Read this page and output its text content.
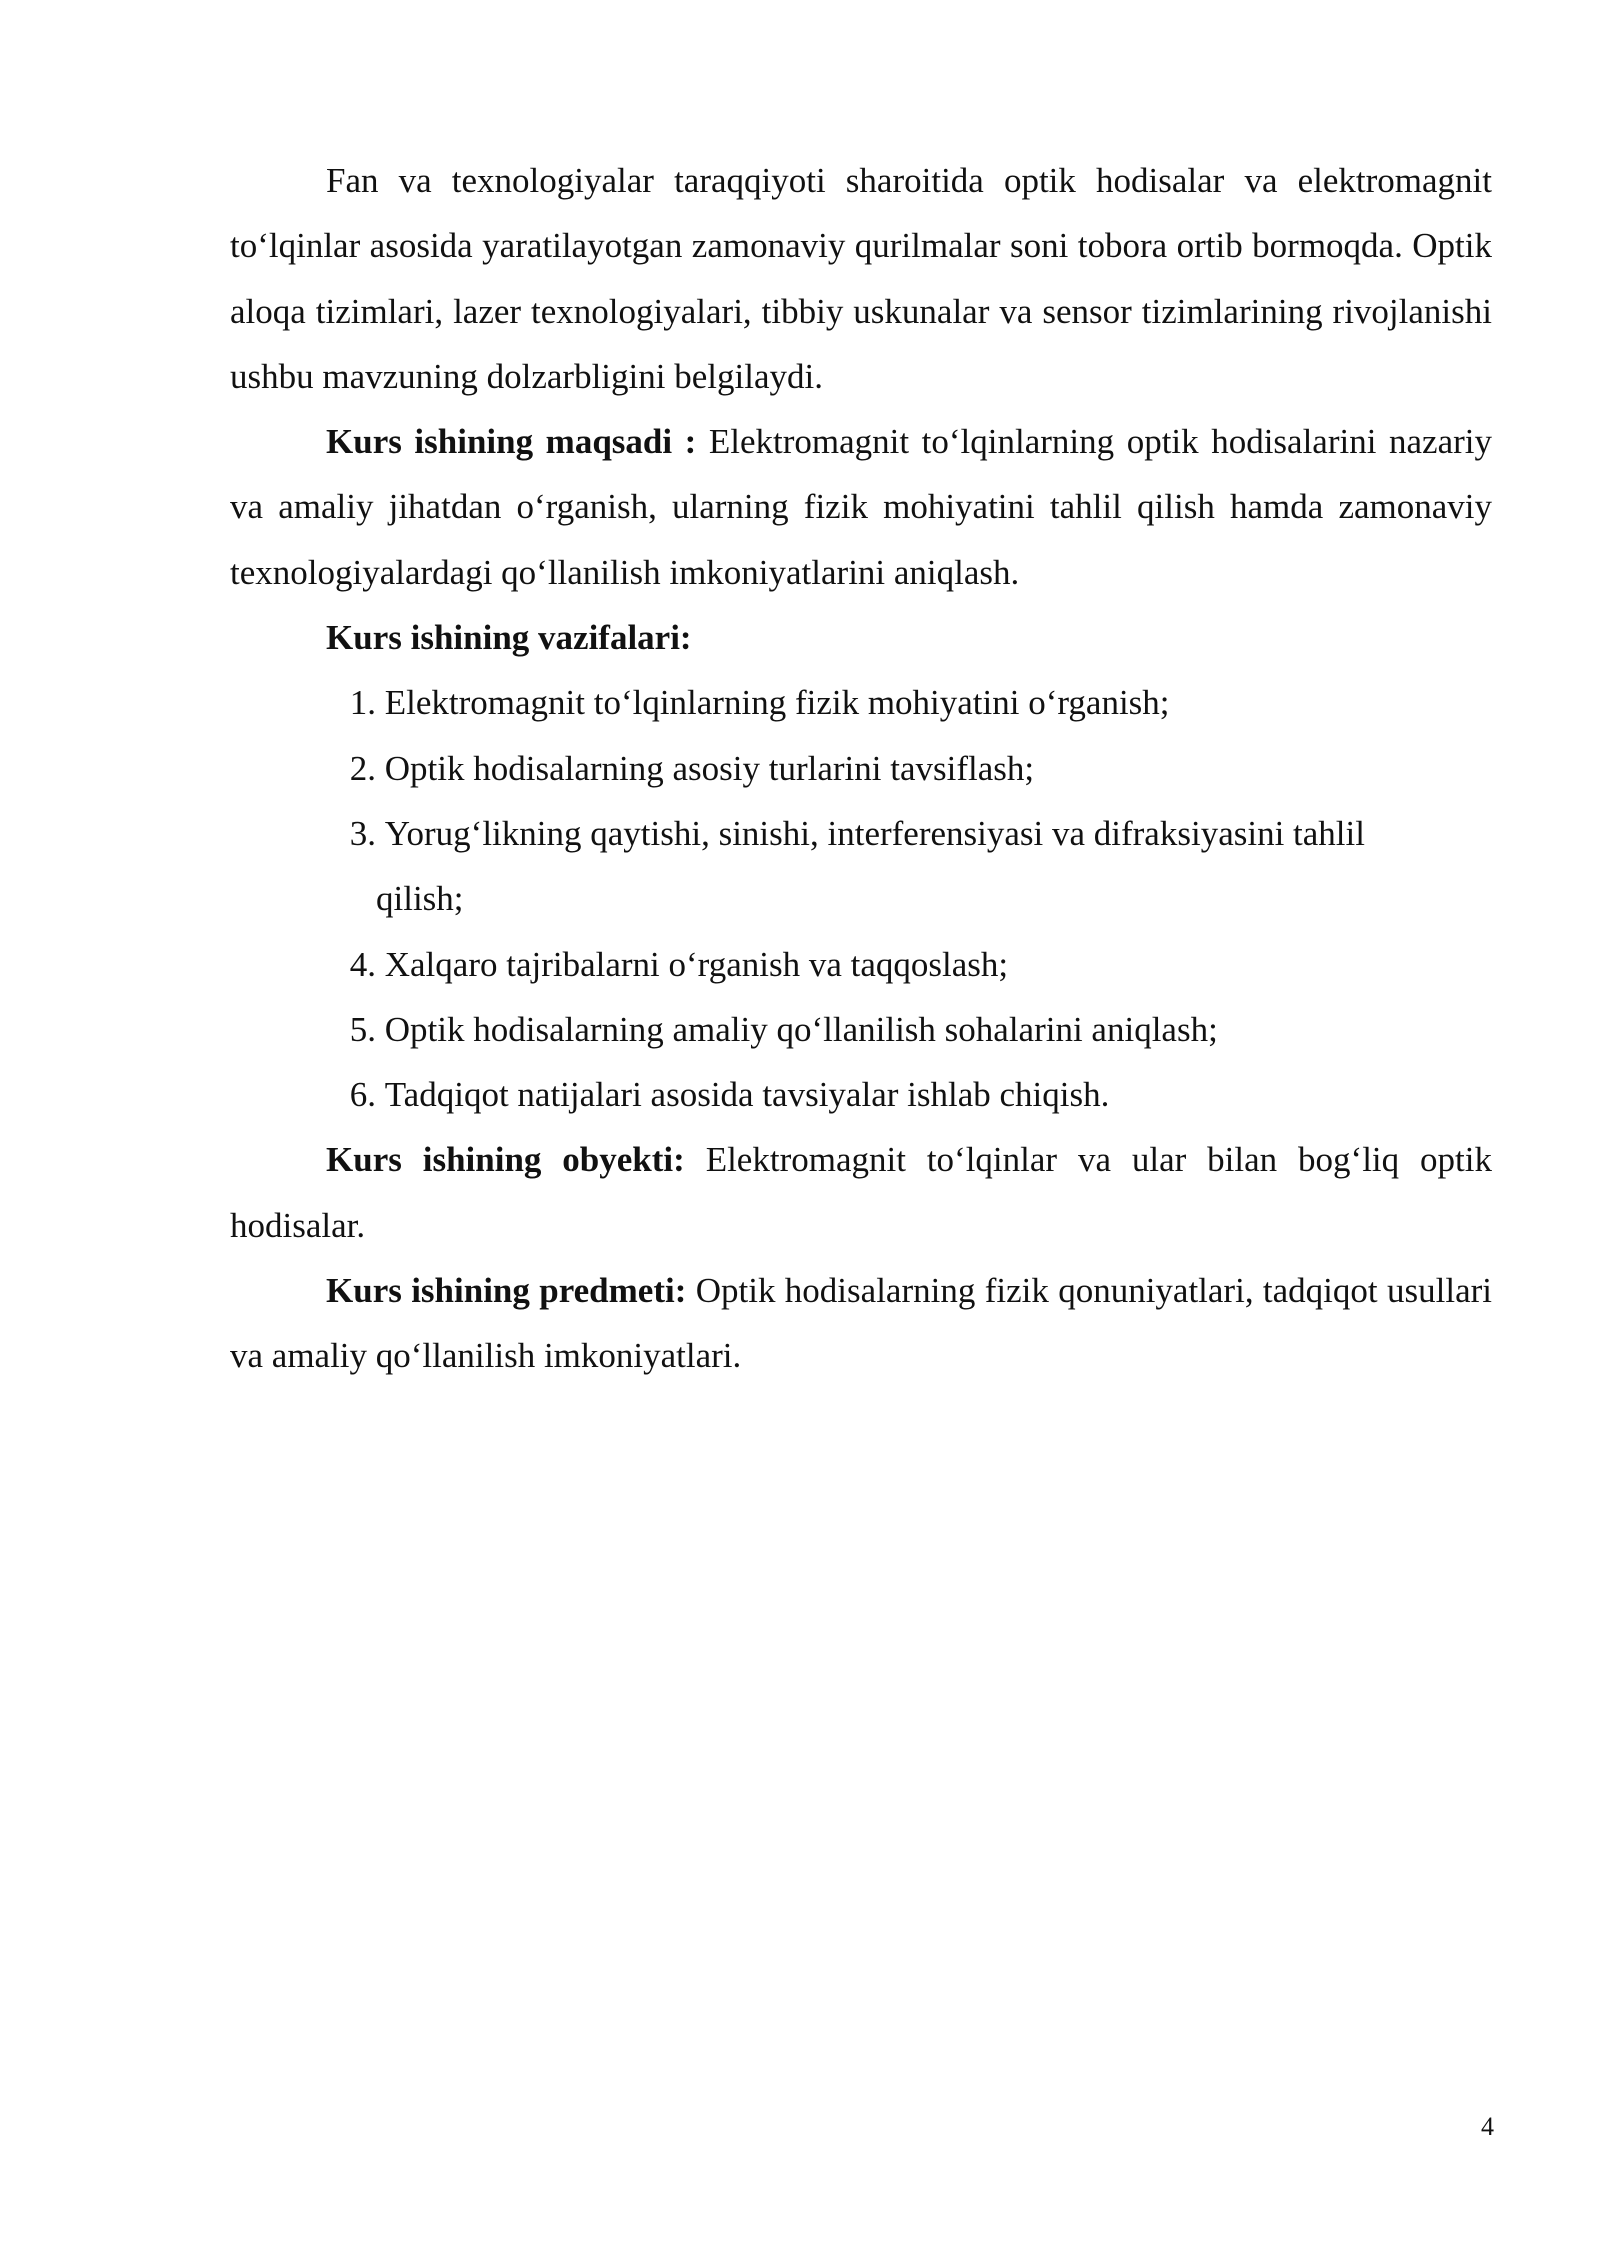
Fan va texnologiyalar taraqqiyoti sharoitida optik hodisalar va elektromagnit to‘lqinlar asosida yaratilayotgan zamonaviy qurilmalar soni tobora ortib bormoqda. Optik aloqa tizimlari, lazer texnologiyalari, tibbiy uskunalar va sensor tizimlarining rivojlanishi ushbu mavzuning dolzarbligini belgilaydi.

Kurs ishining maqsadi : Elektromagnit to‘lqinlarning optik hodisalarini nazariy va amaliy jihatdan o‘rganish, ularning fizik mohiyatini tahlil qilish hamda zamonaviy texnologiyalardagi qo‘llanilish imkoniyatlarini aniqlash.

Kurs ishining vazifalari:

1. Elektromagnit to‘lqinlarning fizik mohiyatini o‘rganish;
2. Optik hodisalarning asosiy turlarini tavsiflash;
3. Yorug‘likning qaytishi, sinishi, interferensiyasi va difraksiyasini tahlil qilish;
4. Xalqaro tajribalarni o‘rganish va taqqoslash;
5. Optik hodisalarning amaliy qo‘llanilish sohalarini aniqlash;
6. Tadqiqot natijalari asosida tavsiyalar ishlab chiqish.

Kurs ishining obyekti: Elektromagnit to‘lqinlar va ular bilan bog‘liq optik hodisalar.

Kurs ishining predmeti: Optik hodisalarning fizik qonuniyatlari, tadqiqot usullari va amaliy qo‘llanilish imkoniyatlari.

4
